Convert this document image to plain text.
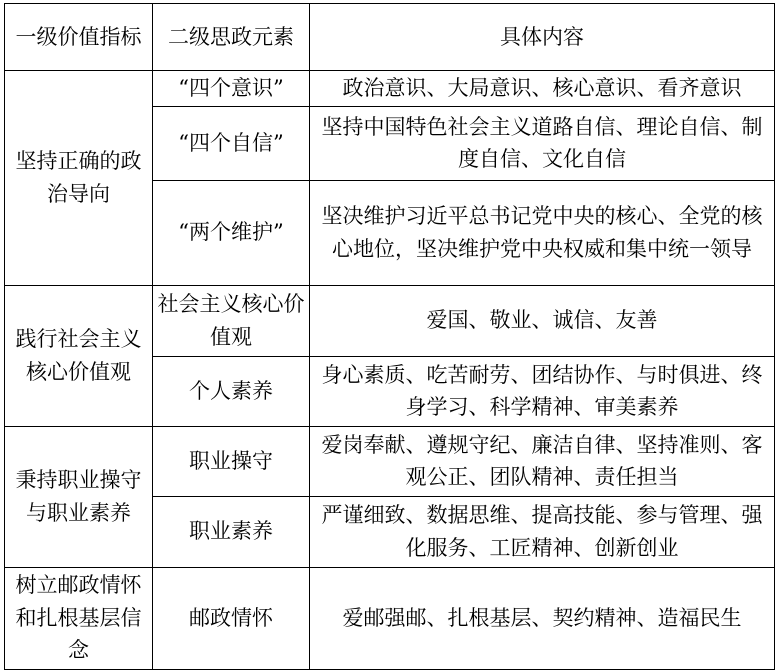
一级价值指标	二级思政元素	具体内容
坚持正确的政治导向	“四个意识”	政治意识、大局意识、核心意识、看齐意识
	“四个自信”	坚持中国特色社会主义道路自信、理论自信、制度自信、文化自信
	“两个维护”	坚决维护习近平总书记党中央的核心、全党的核心地位，坚决维护党中央权威和集中统一领导
践行社会主义核心价值观	社会主义核心价值观	爱国、敬业、诚信、友善
	个人素养	身心素质、吃苦耐劳、团结协作、与时俱进、终身学习、科学精神、审美素养
秉持职业操守与职业素养	职业操守	爱岗奉献、遵规守纪、廉洁自律、坚持准则、客观公正、团队精神、责任担当
	职业素养	严谨细致、数据思维、提高技能、参与管理、强化服务、工匠精神、创新创业
树立邮政情怀和扎根基层信念	邮政情怀	爱邮强邮、扎根基层、契约精神、造福民生
